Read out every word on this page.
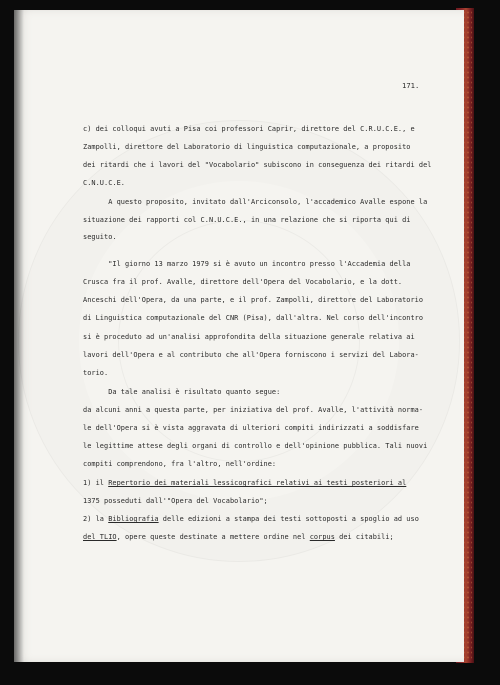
171.
c) dei colloqui avuti a Pisa coi professori Caprir, direttore del C.R.U.C.E., e
Zampolli, direttore del Laboratorio di linguistica computazionale, a proposito
dei ritardi che i lavori del "Vocabolario" subiscono in conseguenza dei ritardi del
C.N.U.C.E.
A questo proposito, invitato dall'Arciconsolo, l'accademico Avalle espone la
situazione dei rapporti col C.N.U.C.E., in una relazione che si riporta qui di
seguito.
"Il giorno 13 marzo 1979 si è avuto un incontro presso l'Accademia della
Crusca fra il prof. Avalle, direttore dell'Opera del Vocabolario, e la dott.
Anceschi dell'Opera, da una parte, e il prof. Zampolli, direttore del Laboratorio
di Linguistica computazionale del CNR (Pisa), dall'altra. Nel corso dell'incontro
si è proceduto ad un'analisi approfondita della situazione generale relativa ai
lavori dell'Opera e al contributo che all'Opera forniscono i servizi del Labora-
torio.
Da tale analisi è risultato quanto segue:
da alcuni anni a questa parte, per iniziativa del prof. Avalle, l'attività norma-
le dell'Opera si è vista aggravata di ulteriori compiti indirizzati a soddisfare
le legittime attese degli organi di controllo e dell'opinione pubblica. Tali nuovi
compiti comprendono, fra l'altro, nell'ordine:
1) il Repertorio dei materiali lessicografici relativi ai testi posteriori al
1375 posseduti dall'"Opera del Vocabolario";
2) la Bibliografia delle edizioni a stampa dei testi sottoposti a spoglio ad uso
del TLIO, opere queste destinate a mettere ordine nel corpus dei citabili;
